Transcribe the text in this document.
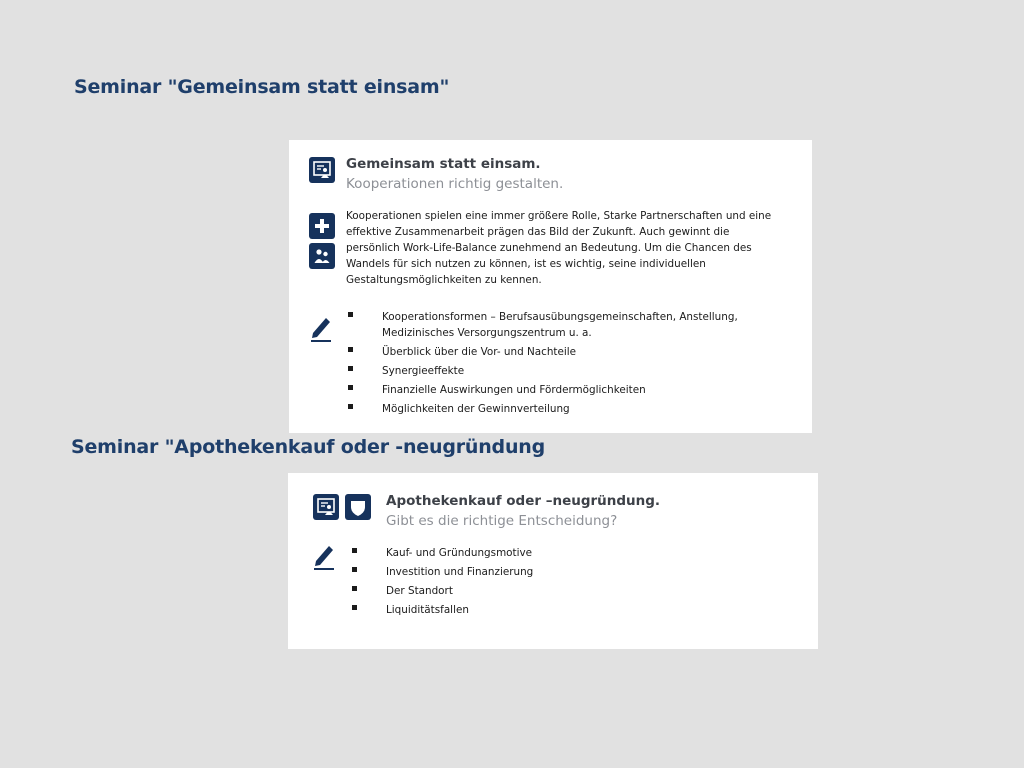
Seminar "Gemeinsam statt einsam"

Gemeinsam statt einsam.

Kooperationen richtig gestalten.

Kooperationen spielen eine immer größere Rolle, Starke Partnerschaften und eine
effektive Zusammenarbeit prägen das Bild der Zukunft. Auch gewinnt die
persönlich Work-Life-Balance zunehmend an Bedeutung. Um die Chancen des
Wandels für sich nutzen zu können, ist es wichtig, seine individuellen
Gestaltungsmöglichkeiten zu kennen.

Kooperationsformen – Berufsausübungsgemeinschaften, Anstellung,
Medizinisches Versorgungszentrum u. a.
Überblick über die Vor- und Nachteile
Synergieeffekte
Finanzielle Auswirkungen und Fördermöglichkeiten
Möglichkeiten der Gewinnverteilung
Seminar "Apothekenkauf oder -neugründung

Apothekenkauf oder –neugründung.

Gibt es die richtige Entscheidung?

Kauf- und Gründungsmotive
Investition und Finanzierung
Der Standort
Liquiditätsfallen
